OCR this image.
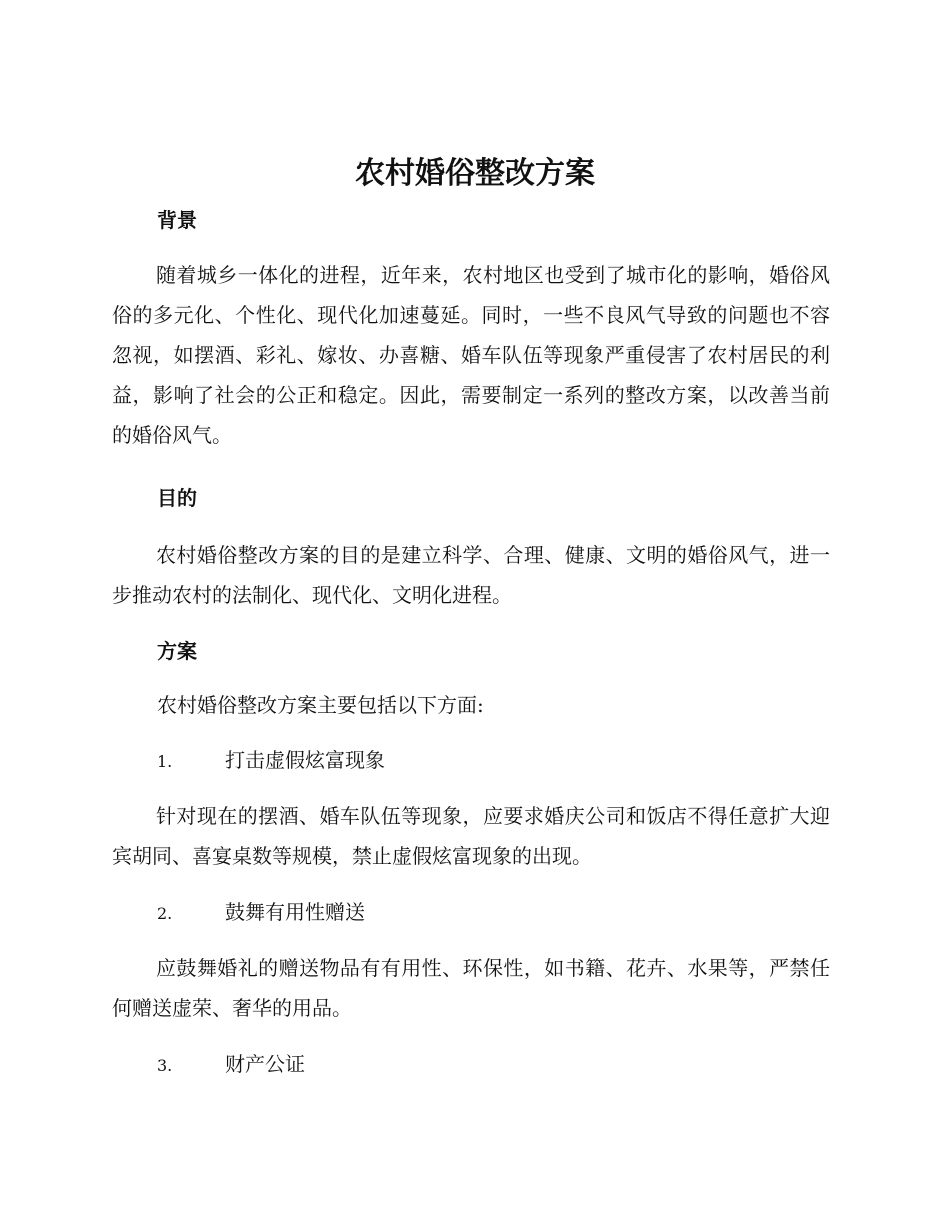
农村婚俗整改方案
背景
随着城乡一体化的进程，近年来，农村地区也受到了城市化的影响，婚俗风俗的多元化、个性化、现代化加速蔓延。同时，一些不良风气导致的问题也不容忽视，如摆酒、彩礼、嫁妆、办喜糖、婚车队伍等现象严重侵害了农村居民的利益，影响了社会的公正和稳定。因此，需要制定一系列的整改方案，以改善当前的婚俗风气。
目的
农村婚俗整改方案的目的是建立科学、合理、健康、文明的婚俗风气，进一步推动农村的法制化、现代化、文明化进程。
方案
农村婚俗整改方案主要包括以下方面:
1.	打击虚假炫富现象
针对现在的摆酒、婚车队伍等现象，应要求婚庆公司和饭店不得任意扩大迎宾胡同、喜宴桌数等规模，禁止虚假炫富现象的出现。
2.	鼓舞有用性赠送
应鼓舞婚礼的赠送物品有有用性、环保性，如书籍、花卉、水果等，严禁任何赠送虚荣、奢华的用品。
3.	财产公证
